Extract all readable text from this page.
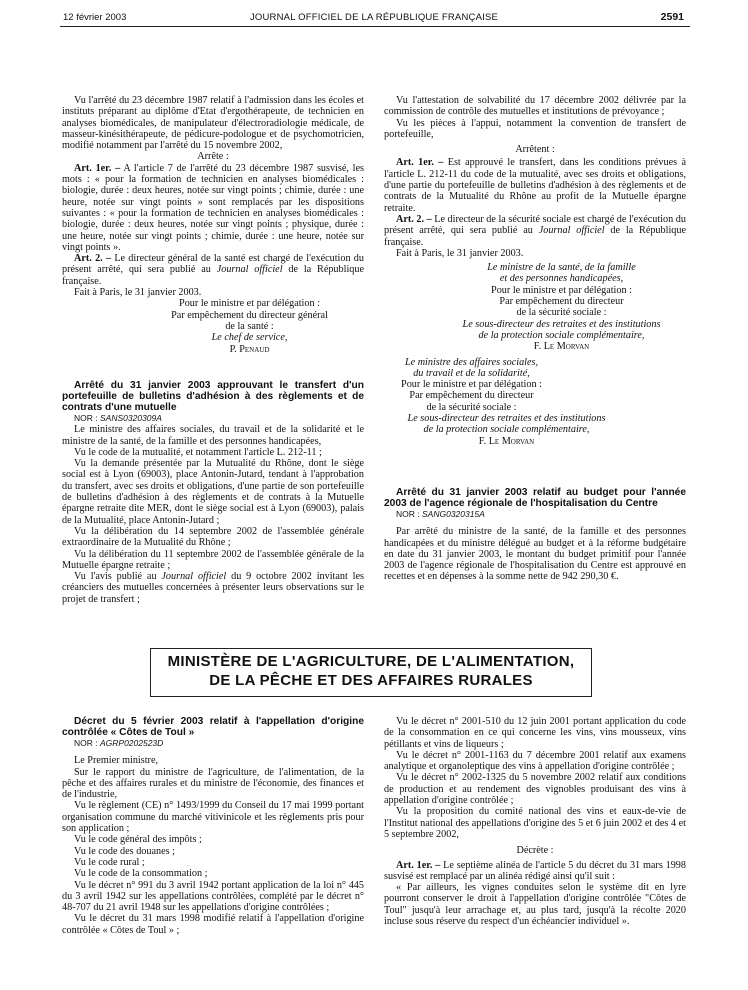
12 février 2003	JOURNAL OFFICIEL DE LA RÉPUBLIQUE FRANÇAISE	2591

Vu l'arrêté du 23 décembre 1987 relatif à l'admission dans les écoles et instituts préparant au diplôme d'Etat d'ergothérapeute, de technicien en analyses biomédicales, de manipulateur d'électroradiologie médicale, de masseur-kinésithérapeute, de pédicure-podologue et de psychomotricien, modifié notamment par l'arrêté du 15 novembre 2002,

Arrête :

Art. 1er. – A l'article 7 de l'arrêté du 23 décembre 1987 susvisé, les mots : « pour la formation de technicien en analyses biomédicales : biologie, durée : deux heures, notée sur vingt points ; chimie, durée : une heure, notée sur vingt points » sont remplacés par les dispositions suivantes : « pour la formation de technicien en analyses biomédicales : biologie, durée : deux heures, notée sur vingt points ; physique, durée : une heure, notée sur vingt points ; chimie, durée : une heure, notée sur vingt points ».

Art. 2. – Le directeur général de la santé est chargé de l'exécution du présent arrêté, qui sera publié au Journal officiel de la République française.

Fait à Paris, le 31 janvier 2003.

Pour le ministre et par délégation :
Par empêchement du directeur général
de la santé :
Le chef de service,
P. Penaud

Arrêté du 31 janvier 2003 approuvant le transfert d'un portefeuille de bulletins d'adhésion à des règlements et de contrats d'une mutuelle

NOR : SANS0320309A

Le ministre des affaires sociales, du travail et de la solidarité et le ministre de la santé, de la famille et des personnes handicapées,

Vu le code de la mutualité, et notamment l'article L. 212-11 ;

Vu la demande présentée par la Mutualité du Rhône, dont le siège social est à Lyon (69003), place Antonin-Jutard, tendant à l'approbation du transfert, avec ses droits et obligations, d'une partie de son portefeuille de bulletins d'adhésion à des règlements et de contrats à la Mutuelle épargne retraite dite MER, dont le siège social est à Lyon (69003), palais de la Mutualité, place Antonin-Jutard ;

Vu la délibération du 14 septembre 2002 de l'assemblée générale extraordinaire de la Mutualité du Rhône ;

Vu la délibération du 11 septembre 2002 de l'assemblée générale de la Mutuelle épargne retraite ;

Vu l'avis publié au Journal officiel du 9 octobre 2002 invitant les créanciers des mutuelles concernées à présenter leurs observations sur le projet de transfert ;

Vu l'attestation de solvabilité du 17 décembre 2002 délivrée par la commission de contrôle des mutuelles et institutions de prévoyance ;

Vu les pièces à l'appui, notamment la convention de transfert de portefeuille,

Arrêtent :

Art. 1er. – Est approuvé le transfert, dans les conditions prévues à l'article L. 212-11 du code de la mutualité, avec ses droits et obligations, d'une partie du portefeuille de bulletins d'adhésion à des règlements et de contrats de la Mutualité du Rhône au profit de la Mutuelle épargne retraite.

Art. 2. – Le directeur de la sécurité sociale est chargé de l'exécution du présent arrêté, qui sera publié au Journal officiel de la République française.

Fait à Paris, le 31 janvier 2003.

Le ministre de la santé, de la famille
et des personnes handicapées,
Pour le ministre et par délégation :
Par empêchement du directeur
de la sécurité sociale :
Le sous-directeur des retraites et des institutions
de la protection sociale complémentaire,
F. Le Morvan
Le ministre des affaires sociales,
du travail et de la solidarité,
Pour le ministre et par délégation :
Par empêchement du directeur
de la sécurité sociale :
Le sous-directeur des retraites et des institutions
de la protection sociale complémentaire,
F. Le Morvan

Arrêté du 31 janvier 2003 relatif au budget pour l'année 2003 de l'agence régionale de l'hospitalisation du Centre

NOR : SANG0320315A

Par arrêté du ministre de la santé, de la famille et des personnes handicapées et du ministre délégué au budget et à la réforme budgétaire en date du 31 janvier 2003, le montant du budget primitif pour l'année 2003 de l'agence régionale de l'hospitalisation du Centre est approuvé en recettes et en dépenses à la somme nette de 942 290,30 €.

MINISTÈRE DE L'AGRICULTURE, DE L'ALIMENTATION,
DE LA PÊCHE ET DES AFFAIRES RURALES

Décret du 5 février 2003 relatif à l'appellation d'origine contrôlée « Côtes de Toul »

NOR : AGRP0202523D

Le Premier ministre,

Sur le rapport du ministre de l'agriculture, de l'alimentation, de la pêche et des affaires rurales et du ministre de l'économie, des finances et de l'industrie,

Vu le règlement (CE) n° 1493/1999 du Conseil du 17 mai 1999 portant organisation commune du marché vitivinicole et les règlements pris pour son application ;

Vu le code général des impôts ;

Vu le code des douanes ;

Vu le code rural ;

Vu le code de la consommation ;

Vu le décret n° 991 du 3 avril 1942 portant application de la loi n° 445 du 3 avril 1942 sur les appellations contrôlées, complété par le décret n° 48-707 du 21 avril 1948 sur les appellations d'origine contrôlées ;

Vu le décret du 31 mars 1998 modifié relatif à l'appellation d'origine contrôlée « Côtes de Toul » ;

Vu le décret n° 2001-510 du 12 juin 2001 portant application du code de la consommation en ce qui concerne les vins, vins mousseux, vins pétillants et vins de liqueurs ;

Vu le décret n° 2001-1163 du 7 décembre 2001 relatif aux examens analytique et organoleptique des vins à appellation d'origine contrôlée ;

Vu le décret n° 2002-1325 du 5 novembre 2002 relatif aux conditions de production et au rendement des vignobles produisant des vins à appellation d'origine contrôlée ;

Vu la proposition du comité national des vins et eaux-de-vie de l'Institut national des appellations d'origine des 5 et 6 juin 2002 et des 4 et 5 septembre 2002,

Décrète :

Art. 1er. – Le septième alinéa de l'article 5 du décret du 31 mars 1998 susvisé est remplacé par un alinéa rédigé ainsi qu'il suit :

« Par ailleurs, les vignes conduites selon le système dit en lyre pourront conserver le droit à l'appellation d'origine contrôlée "Côtes de Toul" jusqu'à leur arrachage et, au plus tard, jusqu'à la récolte 2020 incluse sous réserve du respect d'un échéancier individuel ».
